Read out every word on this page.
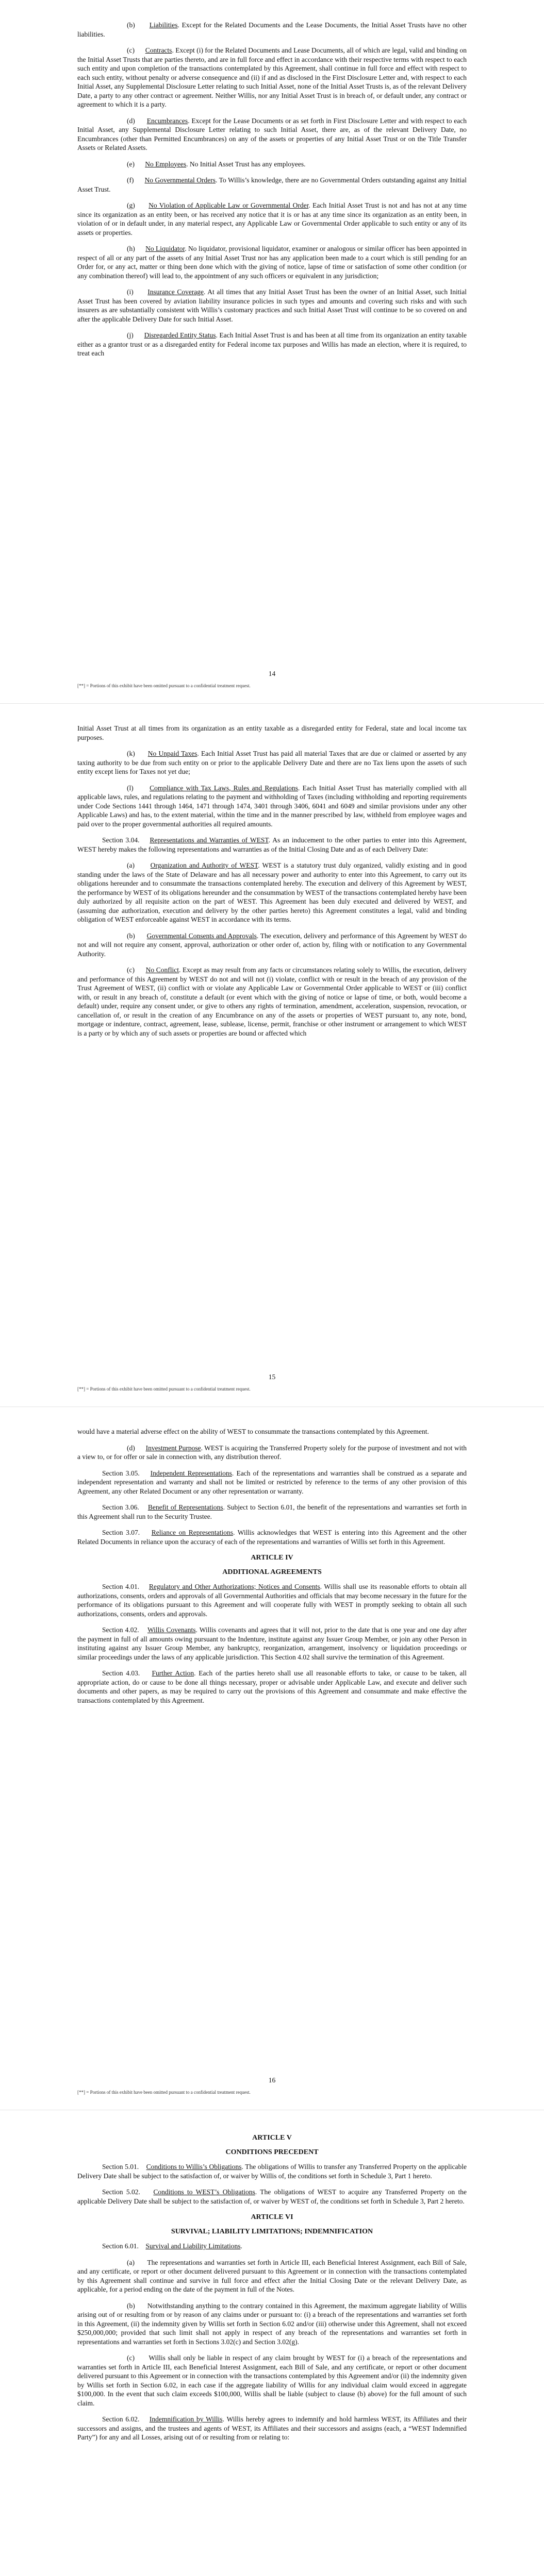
(b) Liabilities. Except for the Related Documents and the Lease Documents, the Initial Asset Trusts have no other liabilities.

(c) Contracts. Except (i) for the Related Documents and Lease Documents, all of which are legal, valid and binding on the Initial Asset Trusts that are parties thereto, and are in full force and effect in accordance with their respective terms with respect to each such entity and upon completion of the transactions contemplated by this Agreement, shall continue in full force and effect with respect to each such entity, without penalty or adverse consequence and (ii) if and as disclosed in the First Disclosure Letter and, with respect to each Initial Asset, any Supplemental Disclosure Letter relating to such Initial Asset, none of the Initial Asset Trusts is, as of the relevant Delivery Date, a party to any other contract or agreement. Neither Willis, nor any Initial Asset Trust is in breach of, or default under, any contract or agreement to which it is a party.

(d) Encumbrances. Except for the Lease Documents or as set forth in First Disclosure Letter and with respect to each Initial Asset, any Supplemental Disclosure Letter relating to such Initial Asset, there are, as of the relevant Delivery Date, no Encumbrances (other than Permitted Encumbrances) on any of the assets or properties of any Initial Asset Trust or on the Title Transfer Assets or Related Assets.

(e) No Employees. No Initial Asset Trust has any employees.

(f) No Governmental Orders. To Willis’s knowledge, there are no Governmental Orders outstanding against any Initial Asset Trust.

(g) No Violation of Applicable Law or Governmental Order. Each Initial Asset Trust is not and has not at any time since its organization as an entity been, or has received any notice that it is or has at any time since its organization as an entity been, in violation of or in default under, in any material respect, any Applicable Law or Governmental Order applicable to such entity or any of its assets or properties.

(h) No Liquidator. No liquidator, provisional liquidator, examiner or analogous or similar officer has been appointed in respect of all or any part of the assets of any Initial Asset Trust nor has any application been made to a court which is still pending for an Order for, or any act, matter or thing been done which with the giving of notice, lapse of time or satisfaction of some other condition (or any combination thereof) will lead to, the appointment of any such officers or equivalent in any jurisdiction;

(i) Insurance Coverage. At all times that any Initial Asset Trust has been the owner of an Initial Asset, such Initial Asset Trust has been covered by aviation liability insurance policies in such types and amounts and covering such risks and with such insurers as are substantially consistent with Willis’s customary practices and such Initial Asset Trust will continue to be so covered on and after the applicable Delivery Date for such Initial Asset.

(j) Disregarded Entity Status. Each Initial Asset Trust is and has been at all time from its organization an entity taxable either as a grantor trust or as a disregarded entity for Federal income tax purposes and Willis has made an election, where it is required, to treat each

14
[**] = Portions of this exhibit have been omitted pursuant to a confidential treatment request.

Initial Asset Trust at all times from its organization as an entity taxable as a disregarded entity for Federal, state and local income tax purposes.

(k) No Unpaid Taxes. Each Initial Asset Trust has paid all material Taxes that are due or claimed or asserted by any taxing authority to be due from such entity on or prior to the applicable Delivery Date and there are no Tax liens upon the assets of such entity except liens for Taxes not yet due;

(l) Compliance with Tax Laws, Rules and Regulations. Each Initial Asset Trust has materially complied with all applicable laws, rules, and regulations relating to the payment and withholding of Taxes (including withholding and reporting requirements under Code Sections 1441 through 1464, 1471 through 1474, 3401 through 3406, 6041 and 6049 and similar provisions under any other Applicable Laws) and has, to the extent material, within the time and in the manner prescribed by law, withheld from employee wages and paid over to the proper governmental authorities all required amounts.

Section 3.04. Representations and Warranties of WEST. As an inducement to the other parties to enter into this Agreement, WEST hereby makes the following representations and warranties as of the Initial Closing Date and as of each Delivery Date:

(a) Organization and Authority of WEST. WEST is a statutory trust duly organized, validly existing and in good standing under the laws of the State of Delaware and has all necessary power and authority to enter into this Agreement, to carry out its obligations hereunder and to consummate the transactions contemplated hereby. The execution and delivery of this Agreement by WEST, the performance by WEST of its obligations hereunder and the consummation by WEST of the transactions contemplated hereby have been duly authorized by all requisite action on the part of WEST. This Agreement has been duly executed and delivered by WEST, and (assuming due authorization, execution and delivery by the other parties hereto) this Agreement constitutes a legal, valid and binding obligation of WEST enforceable against WEST in accordance with its terms.

(b) Governmental Consents and Approvals. The execution, delivery and performance of this Agreement by WEST do not and will not require any consent, approval, authorization or other order of, action by, filing with or notification to any Governmental Authority.

(c) No Conflict. Except as may result from any facts or circumstances relating solely to Willis, the execution, delivery and performance of this Agreement by WEST do not and will not (i) violate, conflict with or result in the breach of any provision of the Trust Agreement of WEST, (ii) conflict with or violate any Applicable Law or Governmental Order applicable to WEST or (iii) conflict with, or result in any breach of, constitute a default (or event which with the giving of notice or lapse of time, or both, would become a default) under, require any consent under, or give to others any rights of termination, amendment, acceleration, suspension, revocation, or cancellation of, or result in the creation of any Encumbrance on any of the assets or properties of WEST pursuant to, any note, bond, mortgage or indenture, contract, agreement, lease, sublease, license, permit, franchise or other instrument or arrangement to which WEST is a party or by which any of such assets or properties are bound or affected which

15
[**] = Portions of this exhibit have been omitted pursuant to a confidential treatment request.

would have a material adverse effect on the ability of WEST to consummate the transactions contemplated by this Agreement.

(d) Investment Purpose. WEST is acquiring the Transferred Property solely for the purpose of investment and not with a view to, or for offer or sale in connection with, any distribution thereof.

Section 3.05. Independent Representations. Each of the representations and warranties shall be construed as a separate and independent representation and warranty and shall not be limited or restricted by reference to the terms of any other provision of this Agreement, any other Related Document or any other representation or warranty.

Section 3.06. Benefit of Representations. Subject to Section 6.01, the benefit of the representations and warranties set forth in this Agreement shall run to the Security Trustee.

Section 3.07. Reliance on Representations. Willis acknowledges that WEST is entering into this Agreement and the other Related Documents in reliance upon the accuracy of each of the representations and warranties of Willis set forth in this Agreement.

ARTICLE IV
ADDITIONAL AGREEMENTS

Section 4.01. Regulatory and Other Authorizations; Notices and Consents. Willis shall use its reasonable efforts to obtain all authorizations, consents, orders and approvals of all Governmental Authorities and officials that may become necessary in the future for the performance of its obligations pursuant to this Agreement and will cooperate fully with WEST in promptly seeking to obtain all such authorizations, consents, orders and approvals.

Section 4.02. Willis Covenants. Willis covenants and agrees that it will not, prior to the date that is one year and one day after the payment in full of all amounts owing pursuant to the Indenture, institute against any Issuer Group Member, or join any other Person in instituting against any Issuer Group Member, any bankruptcy, reorganization, arrangement, insolvency or liquidation proceedings or similar proceedings under the laws of any applicable jurisdiction. This Section 4.02 shall survive the termination of this Agreement.

Section 4.03. Further Action. Each of the parties hereto shall use all reasonable efforts to take, or cause to be taken, all appropriate action, do or cause to be done all things necessary, proper or advisable under Applicable Law, and execute and deliver such documents and other papers, as may be required to carry out the provisions of this Agreement and consummate and make effective the transactions contemplated by this Agreement.

16
[**] = Portions of this exhibit have been omitted pursuant to a confidential treatment request.
ARTICLE V
CONDITIONS PRECEDENT

Section 5.01. Conditions to Willis’s Obligations. The obligations of Willis to transfer any Transferred Property on the applicable Delivery Date shall be subject to the satisfaction of, or waiver by Willis of, the conditions set forth in Schedule 3, Part 1 hereto.

Section 5.02. Conditions to WEST’s Obligations. The obligations of WEST to acquire any Transferred Property on the applicable Delivery Date shall be subject to the satisfaction of, or waiver by WEST of, the conditions set forth in Schedule 3, Part 2 hereto.

ARTICLE VI
SURVIVAL; LIABILITY LIMITATIONS; INDEMNIFICATION

Section 6.01. Survival and Liability Limitations.

(a) The representations and warranties set forth in Article III, each Beneficial Interest Assignment, each Bill of Sale, and any certificate, or report or other document delivered pursuant to this Agreement or in connection with the transactions contemplated by this Agreement shall continue and survive in full force and effect after the Initial Closing Date or the relevant Delivery Date, as applicable, for a period ending on the date of the payment in full of the Notes.

(b) Notwithstanding anything to the contrary contained in this Agreement, the maximum aggregate liability of Willis arising out of or resulting from or by reason of any claims under or pursuant to: (i) a breach of the representations and warranties set forth in this Agreement, (ii) the indemnity given by Willis set forth in Section 6.02 and/or (iii) otherwise under this Agreement, shall not exceed $250,000,000; provided that such limit shall not apply in respect of any breach of the representations and warranties set forth in representations and warranties set forth in Sections 3.02(c) and Section 3.02(g).

(c) Willis shall only be liable in respect of any claim brought by WEST for (i) a breach of the representations and warranties set forth in Article III, each Beneficial Interest Assignment, each Bill of Sale, and any certificate, or report or other document delivered pursuant to this Agreement or in connection with the transactions contemplated by this Agreement and/or (ii) the indemnity given by Willis set forth in Section 6.02, in each case if the aggregate liability of Willis for any individual claim would exceed in aggregate $100,000. In the event that such claim exceeds $100,000, Willis shall be liable (subject to clause (b) above) for the full amount of such claim.

Section 6.02. Indemnification by Willis. Willis hereby agrees to indemnify and hold harmless WEST, its Affiliates and their successors and assigns, and the trustees and agents of WEST, its Affiliates and their successors and assigns (each, a “WEST Indemnified Party”) for any and all Losses, arising out of or resulting from or relating to:
